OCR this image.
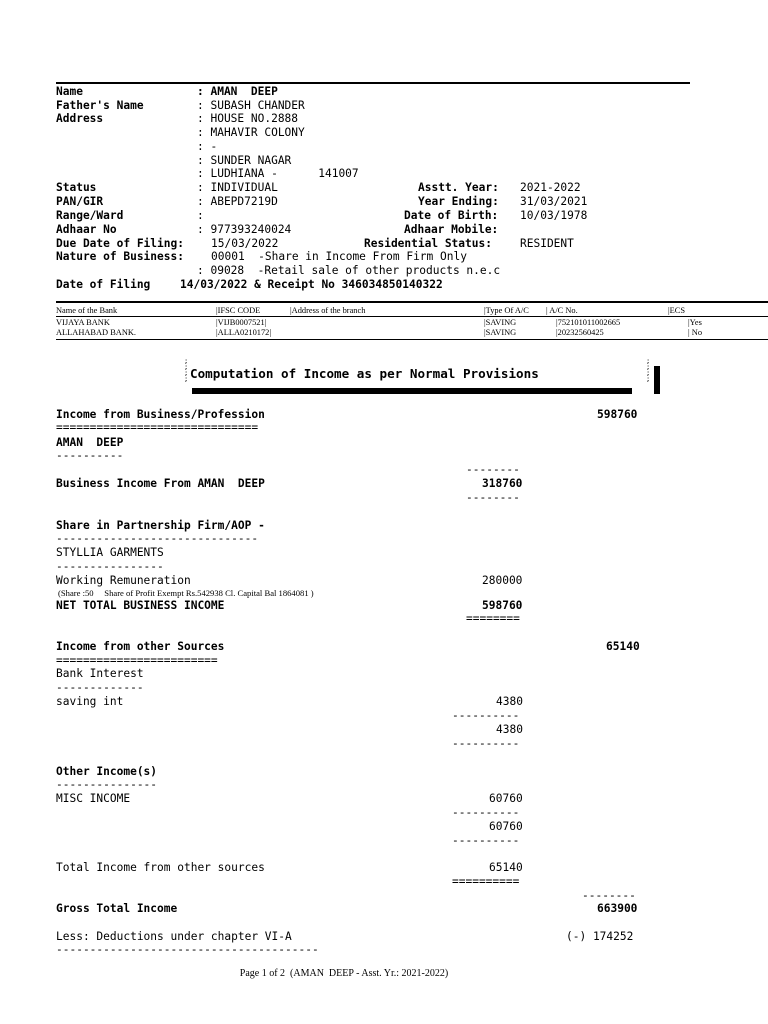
Name	: AMAN  DEEP
Father's Name	: SUBASH CHANDER
Address	: HOUSE NO.2888
: MAHAVIR COLONY
: -
: SUNDER NAGAR
: LUDHIANA -      141007
Status	: INDIVIDUAL	Asstt. Year: 2021-2022
PAN/GIR	: ABEPD7219D	Year Ending: 31/03/2021
Range/Ward	:	Date of Birth: 10/03/1978
Adhaar No	: 977393240024	Adhaar Mobile:
Due Date of Filing: 15/03/2022	Residential Status:	RESIDENT
Nature of Business: 00001  -Share in Income From Firm Only
: 09028  -Retail sale of other products n.e.c
Date of Filing	14/03/2022 & Receipt No 346034850140322
Name of the Bank	|IFSC CODE	|Address of the branch	|Type Of A/C | A/C No.	|ECS
VIJAYA BANK	|VIJB0007521|	|SAVING	|752101011002665	|Yes
ALLAHABAD BANK.	|ALLA0210172|	|SAVING	|20232560425	| No
;
;
;
; Computation of Income as per Normal Provisions
;
;
;
;
Income from Business/Profession	598760
==============================
AMAN  DEEP
----------
--------
Business Income From AMAN  DEEP	318760
--------
Share in Partnership Firm/AOP -
------------------------------
STYLLIA GARMENTS
----------------
Working Remuneration	280000
(Share :50     Share of Profit Exempt Rs.542938 Cl. Capital Bal 1864081 )
NET TOTAL BUSINESS INCOME	598760
========
Income from other Sources	65140
========================
Bank Interest
-------------
saving int	4380
----------
4380
----------
Other Income(s)
---------------
MISC INCOME	60760
----------
60760
----------
Total Income from other sources	65140
==========
--------
Gross Total Income	663900
Less: Deductions under chapter VI-A	(-) 174252
---------------------------------------
Page 1 of 2  (AMAN  DEEP - Asst. Yr.: 2021-2022)
